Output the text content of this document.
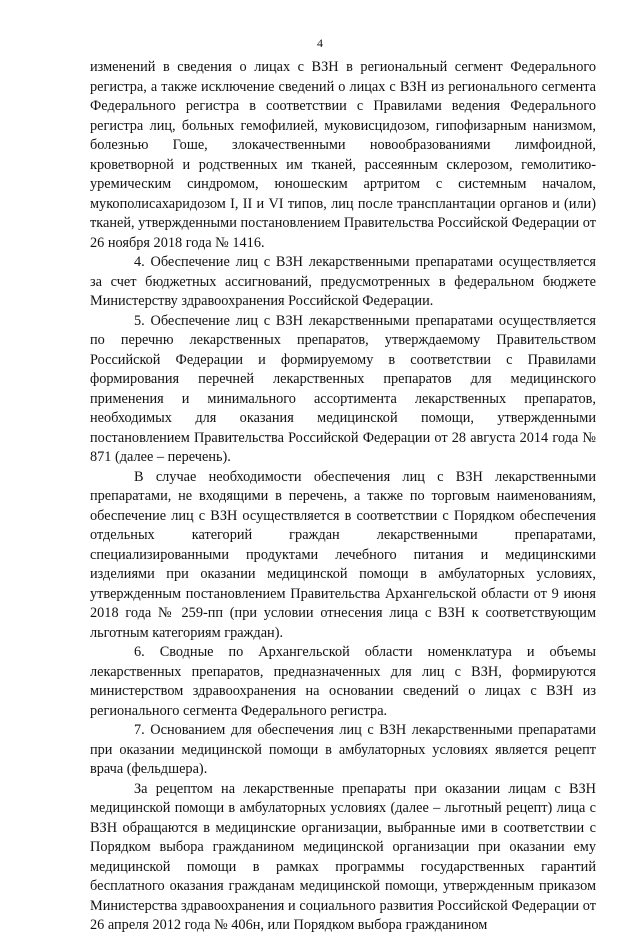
4

изменений в сведения о лицах с ВЗН в региональный сегмент Федерального регистра, а также исключение сведений о лицах с ВЗН из регионального сегмента Федерального регистра в соответствии с Правилами ведения Федерального регистра лиц, больных гемофилией, муковисцидозом, гипофизарным нанизмом, болезнью Гоше, злокачественными новообразованиями лимфоидной, кроветворной и родственных им тканей, рассеянным склерозом, гемолитико-уремическим синдромом, юношеским артритом с системным началом, мукополисахаридозом I, II и VI типов, лиц после трансплантации органов и (или) тканей, утвержденными постановлением Правительства Российской Федерации от 26 ноября 2018 года № 1416.

4. Обеспечение лиц с ВЗН лекарственными препаратами осуществляется за счет бюджетных ассигнований, предусмотренных в федеральном бюджете Министерству здравоохранения Российской Федерации.

5. Обеспечение лиц с ВЗН лекарственными препаратами осуществляется по перечню лекарственных препаратов, утверждаемому Правительством Российской Федерации и формируемому в соответствии с Правилами формирования перечней лекарственных препаратов для медицинского применения и минимального ассортимента лекарственных препаратов, необходимых для оказания медицинской помощи, утвержденными постановлением Правительства Российской Федерации от 28 августа 2014 года № 871 (далее – перечень).

В случае необходимости обеспечения лиц с ВЗН лекарственными препаратами, не входящими в перечень, а также по торговым наименованиям, обеспечение лиц с ВЗН осуществляется в соответствии с Порядком обеспечения отдельных категорий граждан лекарственными препаратами, специализированными продуктами лечебного питания и медицинскими изделиями при оказании медицинской помощи в амбулаторных условиях, утвержденным постановлением Правительства Архангельской области от 9 июня 2018 года № 259-пп (при условии отнесения лица с ВЗН к соответствующим льготным категориям граждан).

6. Сводные по Архангельской области номенклатура и объемы лекарственных препаратов, предназначенных для лиц с ВЗН, формируются министерством здравоохранения на основании сведений о лицах с ВЗН из регионального сегмента Федерального регистра.

7. Основанием для обеспечения лиц с ВЗН лекарственными препаратами при оказании медицинской помощи в амбулаторных условиях является рецепт врача (фельдшера).

За рецептом на лекарственные препараты при оказании лицам с ВЗН медицинской помощи в амбулаторных условиях (далее – льготный рецепт) лица с ВЗН обращаются в медицинские организации, выбранные ими в соответствии с Порядком выбора гражданином медицинской организации при оказании ему медицинской помощи в рамках программы государственных гарантий бесплатного оказания гражданам медицинской помощи, утвержденным приказом Министерства здравоохранения и социального развития Российской Федерации от 26 апреля 2012 года № 406н, или Порядком выбора гражданином
